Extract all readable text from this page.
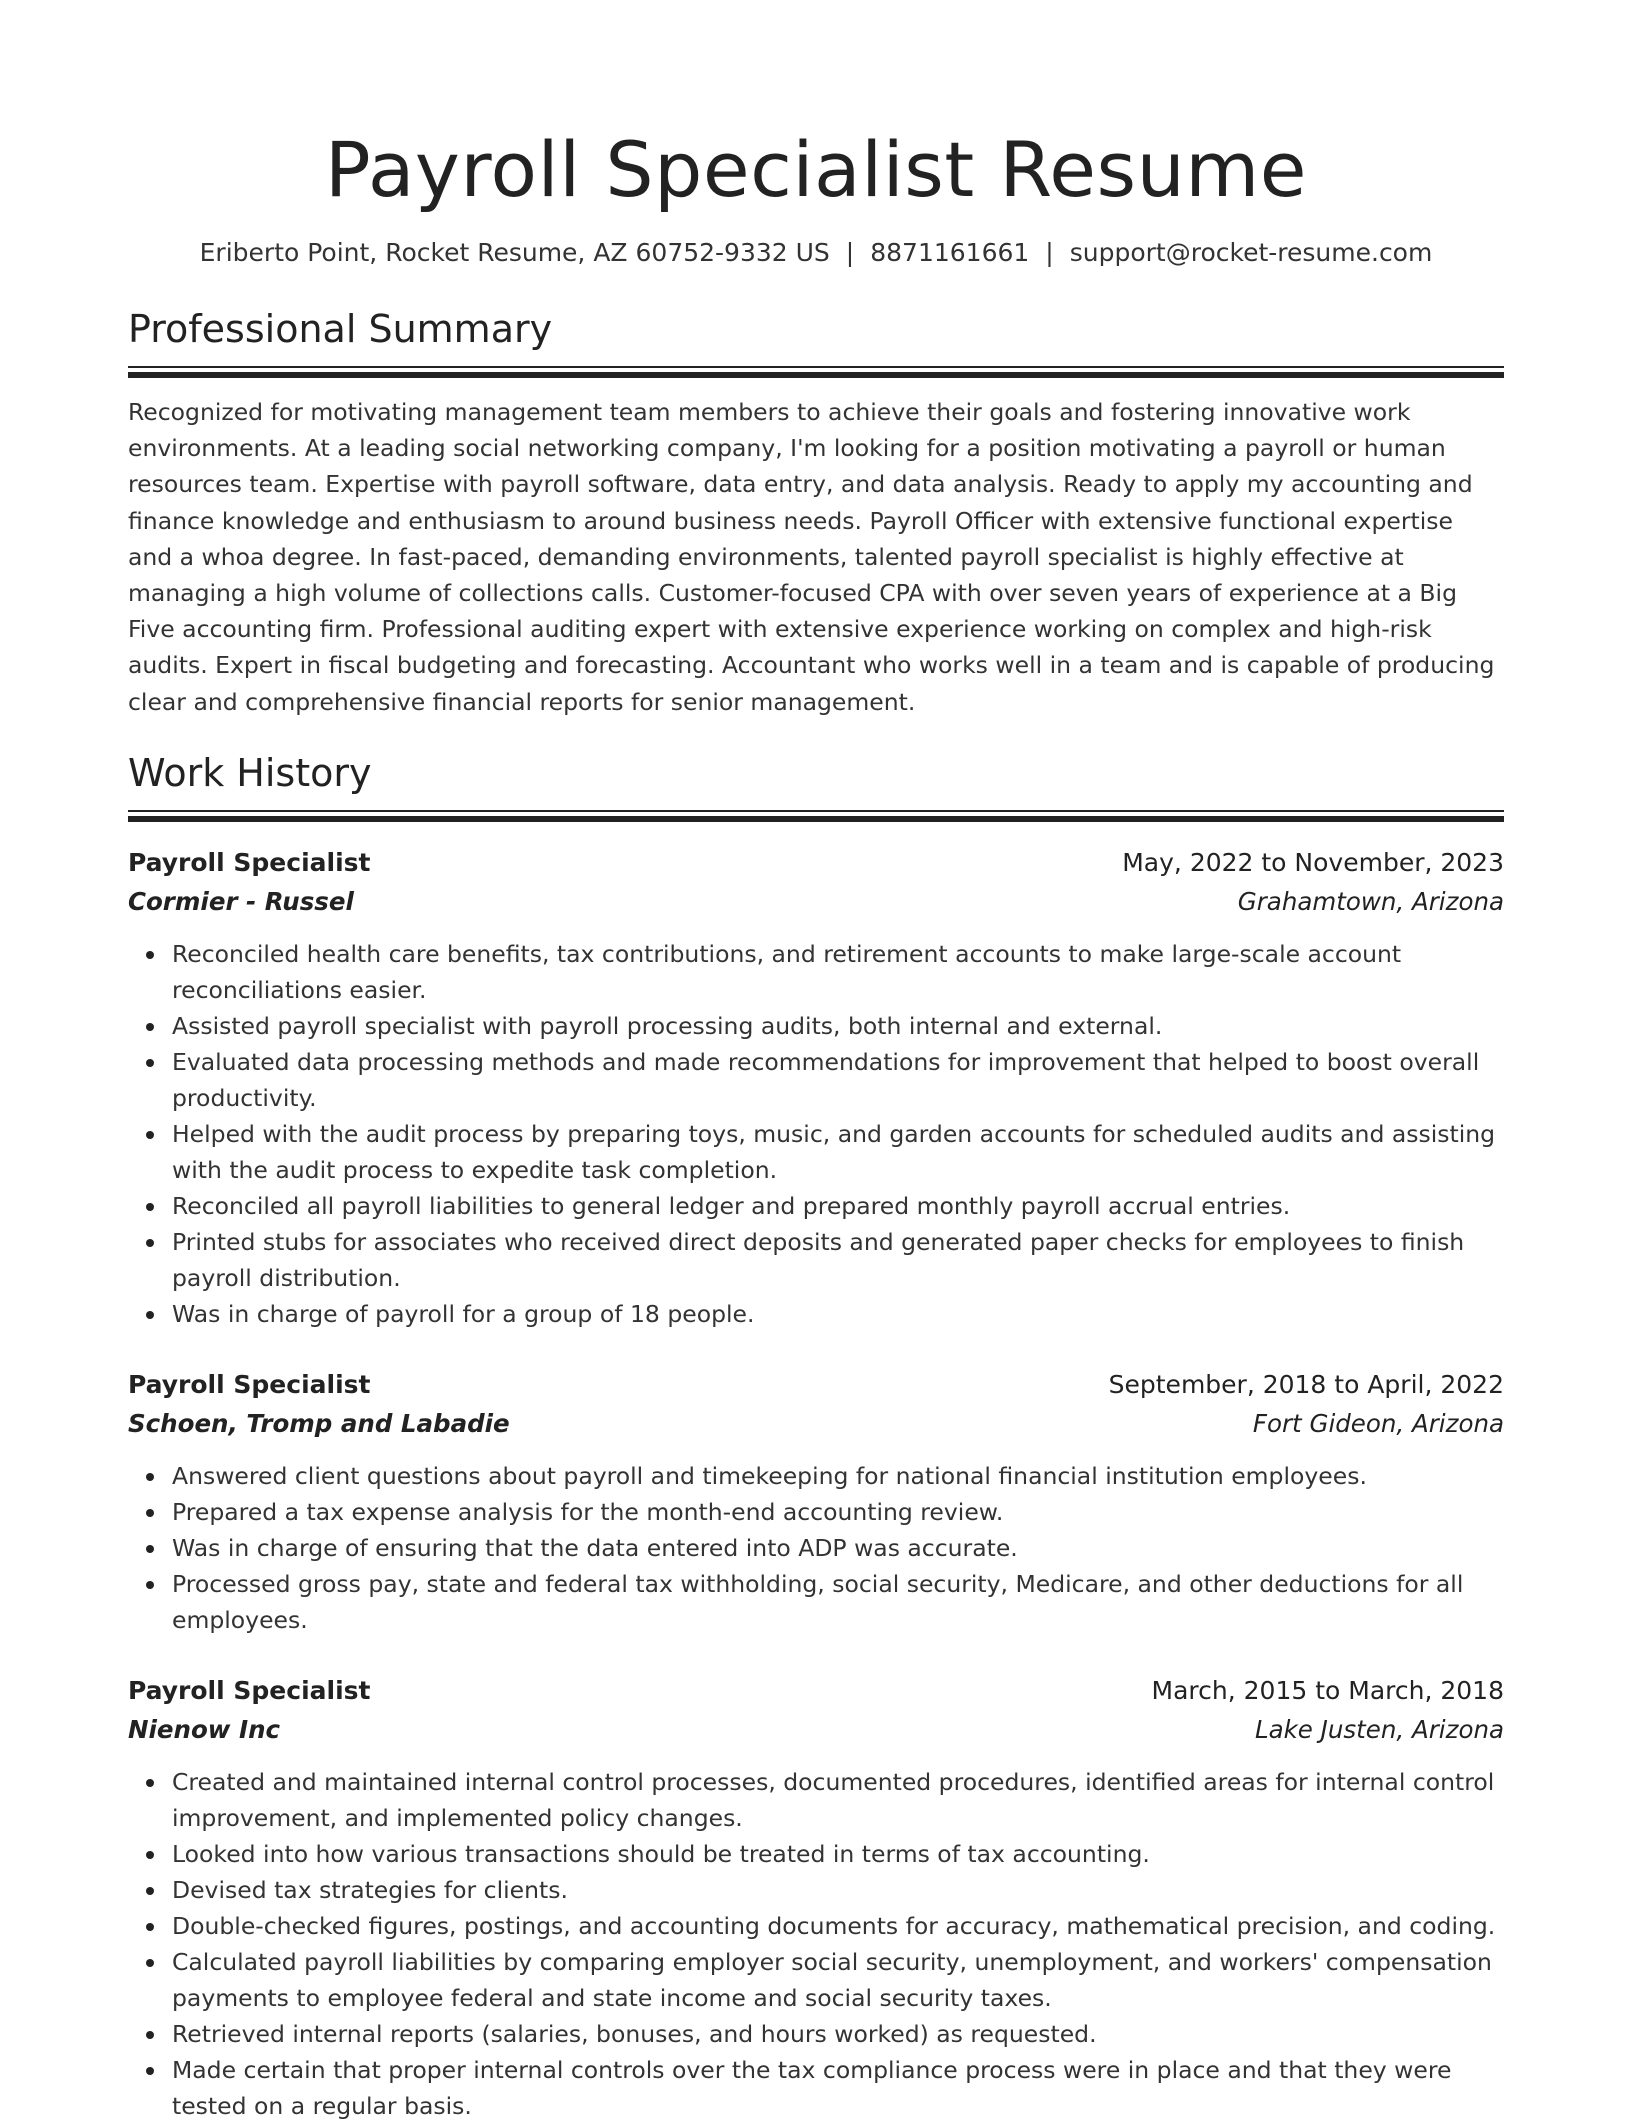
Payroll Specialist Resume
Eriberto Point, Rocket Resume, AZ 60752-9332 US | 8871161661 | support@rocket-resume.com
Professional Summary

Recognized for motivating management team members to achieve their goals and fostering innovative work environments. At a leading social networking company, I'm looking for a position motivating a payroll or human resources team. Expertise with payroll software, data entry, and data analysis. Ready to apply my accounting and finance knowledge and enthusiasm to around business needs. Payroll Officer with extensive functional expertise and a whoa degree. In fast-paced, demanding environments, talented payroll specialist is highly effective at managing a high volume of collections calls. Customer-focused CPA with over seven years of experience at a Big Five accounting firm. Professional auditing expert with extensive experience working on complex and high-risk audits. Expert in fiscal budgeting and forecasting. Accountant who works well in a team and is capable of producing clear and comprehensive financial reports for senior management.

Work History
Payroll Specialist	May, 2022 to November, 2023
Cormier - Russel	Grahamtown, Arizona
Reconciled health care benefits, tax contributions, and retirement accounts to make large-scale account reconciliations easier.
Assisted payroll specialist with payroll processing audits, both internal and external.
Evaluated data processing methods and made recommendations for improvement that helped to boost overall productivity.
Helped with the audit process by preparing toys, music, and garden accounts for scheduled audits and assisting with the audit process to expedite task completion.
Reconciled all payroll liabilities to general ledger and prepared monthly payroll accrual entries.
Printed stubs for associates who received direct deposits and generated paper checks for employees to finish payroll distribution.
Was in charge of payroll for a group of 18 people.
Payroll Specialist	September, 2018 to April, 2022
Schoen, Tromp and Labadie	Fort Gideon, Arizona
Answered client questions about payroll and timekeeping for national financial institution employees.
Prepared a tax expense analysis for the month-end accounting review.
Was in charge of ensuring that the data entered into ADP was accurate.
Processed gross pay, state and federal tax withholding, social security, Medicare, and other deductions for all employees.
Payroll Specialist	March, 2015 to March, 2018
Nienow Inc	Lake Justen, Arizona
Created and maintained internal control processes, documented procedures, identified areas for internal control improvement, and implemented policy changes.
Looked into how various transactions should be treated in terms of tax accounting.
Devised tax strategies for clients.
Double-checked figures, postings, and accounting documents for accuracy, mathematical precision, and coding.
Calculated payroll liabilities by comparing employer social security, unemployment, and workers' compensation payments to employee federal and state income and social security taxes.
Retrieved internal reports (salaries, bonuses, and hours worked) as requested.
Made certain that proper internal controls over the tax compliance process were in place and that they were tested on a regular basis.
